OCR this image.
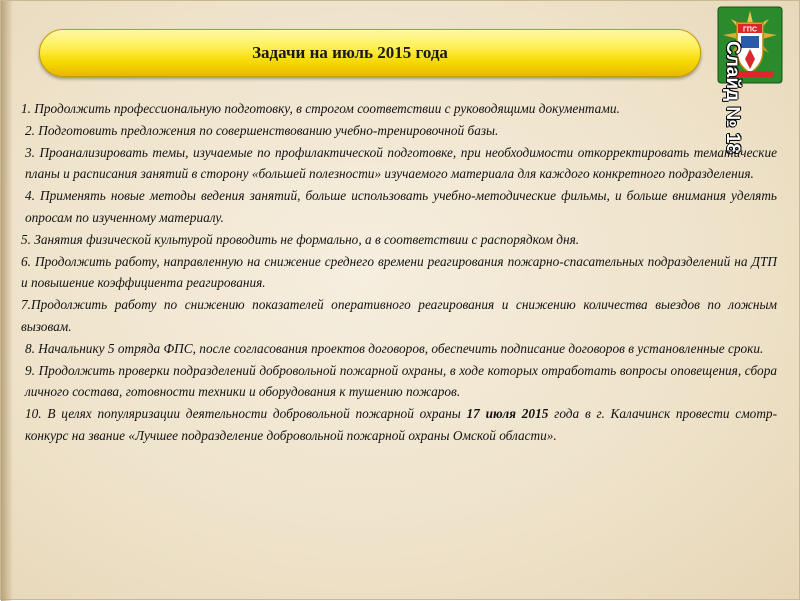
Задачи на июль 2015 года
ГПС
Слайд № 18

1. Продолжить профессиональную подготовку, в строгом соответствии с руководящими документами.

2. Подготовить предложения по совершенствованию учебно-тренировочной базы.

3. Проанализировать темы, изучаемые по профилактической подготовке, при необходимости откорректировать тематические планы и расписания занятий в сторону «большей полезности» изучаемого материала для каждого конкретного подразделения.

4. Применять новые методы ведения занятий, больше использовать учебно-методические фильмы, и больше внимания уделять опросам по изученному материалу.

5. Занятия физической культурой проводить не формально, а в соответствии с распорядком дня.

6. Продолжить работу, направленную на снижение среднего времени реагирования пожарно-спасательных подразделений на ДТП и повышение коэффициента реагирования.

7.Продолжить работу по снижению показателей оперативного реагирования и снижению количества выездов по ложным вызовам.

8. Начальнику 5 отряда ФПС, после согласования проектов договоров, обеспечить подписание договоров в установленные сроки.

9. Продолжить проверки подразделений добровольной пожарной охраны, в ходе которых отработать вопросы оповещения, сбора личного состава, готовности техники и оборудования к тушению пожаров.

10. В целях популяризации деятельности добровольной пожарной охраны 17 июля 2015 года в г. Калачинск провести смотр-конкурс на звание «Лучшее подразделение добровольной пожарной охраны Омской области».
